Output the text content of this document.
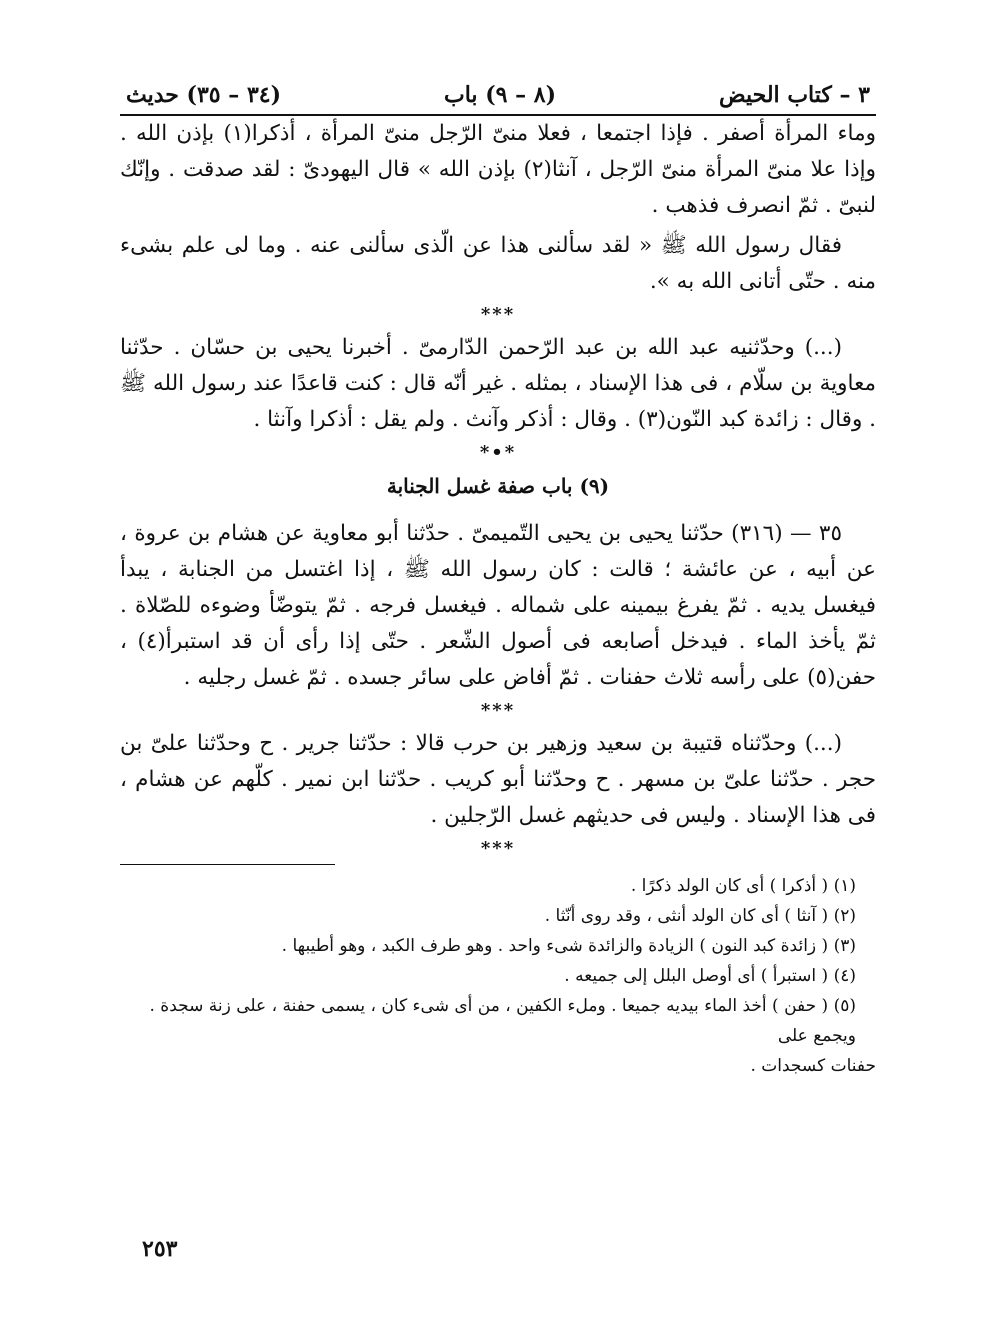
٣ – كتاب الحيض
(٨ – ٩) باب
(٣٤ – ٣٥) حديث

وماء المرأة أصفر . فإذا اجتمعا ، فعلا منىّ الرّجل منىّ المرأة ، أذكرا(١) بإذن الله . وإذا علا منىّ المرأة منىّ الرّجل ، آنثا(٢) بإذن الله » قال اليهودىّ : لقد صدقت . وإنّك لنبىّ . ثمّ انصرف فذهب .

فقال رسول الله ﷺ « لقد سألنى هذا عن الّذى سألنى عنه . وما لى علم بشىء منه . حتّى أتانى الله به ».

***

(...) وحدّثنيه عبد الله بن عبد الرّحمن الدّارمىّ . أخبرنا يحيى بن حسّان . حدّثنا معاوية بن سلّام ، فى هذا الإسناد ، بمثله . غير أنّه قال : كنت قاعدًا عند رسول الله ﷺ . وقال : زائدة كبد النّون(٣) . وقال : أذكر وآنث . ولم يقل : أذكرا وآنثا .

*•*
(٩) باب صفة غسل الجنابة

٣٥ — (٣١٦) حدّثنا يحيى بن يحيى التّميمىّ . حدّثنا أبو معاوية عن هشام بن عروة ، عن أبيه ، عن عائشة ؛ قالت : كان رسول الله ﷺ ، إذا اغتسل من الجنابة ، يبدأ فيغسل يديه . ثمّ يفرغ بيمينه على شماله . فيغسل فرجه . ثمّ يتوضّأ وضوءه للصّلاة . ثمّ يأخذ الماء . فيدخل أصابعه فى أصول الشّعر . حتّى إذا رأى أن قد استبرأ(٤) ، حفن(٥) على رأسه ثلاث حفنات . ثمّ أفاض على سائر جسده . ثمّ غسل رجليه .

***

(...) وحدّثناه قتيبة بن سعيد وزهير بن حرب قالا : حدّثنا جرير . ح وحدّثنا علىّ بن حجر . حدّثنا علىّ بن مسهر . ح وحدّثنا أبو كريب . حدّثنا ابن نمير . كلّهم عن هشام ، فى هذا الإسناد . وليس فى حديثهم غسل الرّجلين .

***

(١) ( أذكرا ) أى كان الولد ذكرًا .

(٢) ( آنثا ) أى كان الولد أنثى ، وقد روى أنّثا .

(٣) ( زائدة كبد النون ) الزيادة والزائدة شىء واحد . وهو طرف الكبد ، وهو أطيبها .

(٤) ( استبرأ ) أى أوصل البلل إلى جميعه .

(٥) ( حفن ) أخذ الماء بيديه جميعا . وملء الكفين ، من أى شىء كان ، يسمى حفنة ، على زنة سجدة . ويجمع على

حفنات كسجدات .

٢٥٣
